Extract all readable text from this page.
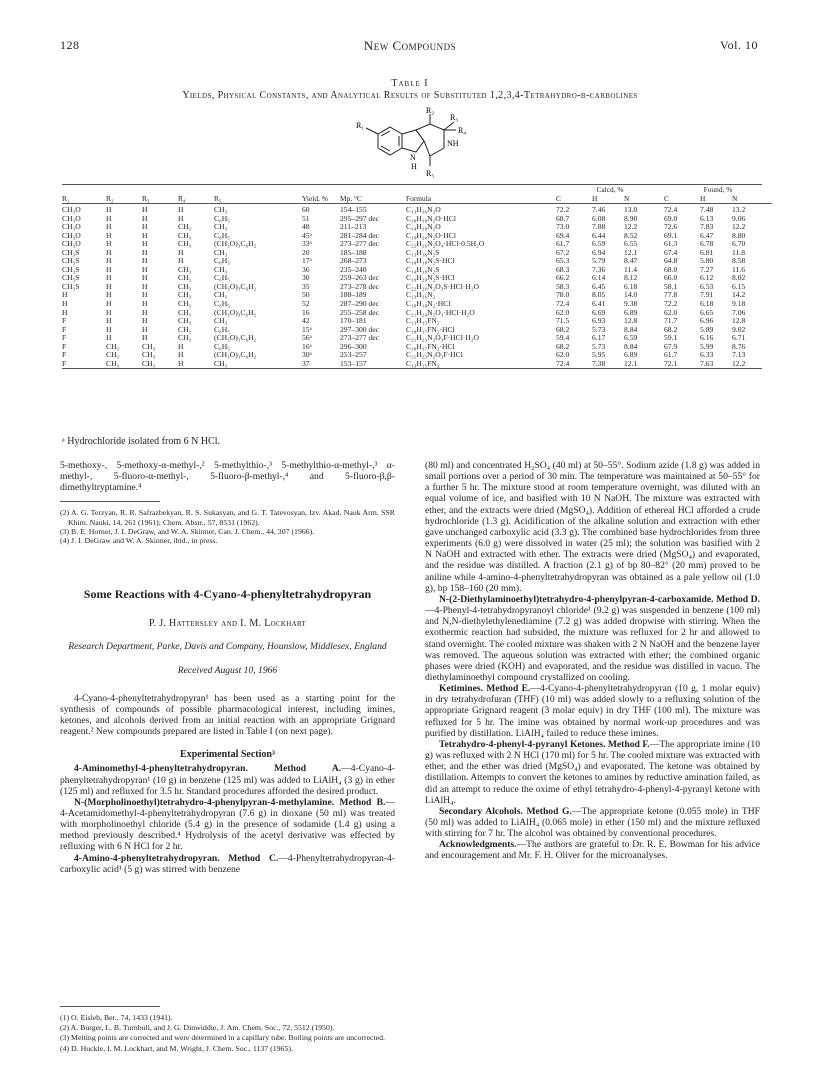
128	New Compounds	Vol. 10
Table I
Yields, Physical Constants, and Analytical Results of Substituted 1,2,3,4-Tetrahydro-β-carbolines
R₁
R₂
R₃
R₄
NH
N
H
R₅
R₁	R₂	R₃	R₄	R₅	Yield, %	Mp, °C	Formula	Calcd, %			Found, %		
								C	H	N	C	H	N

CH₃O	H	H	H	CH₃	60	154–155	C₁₃H₁₆N₂O	72.2	7.46	13.0	72.4	7.48	13.2
CH₃O	H	H	H	C₆H₅	51	295–297 dec	C₁₈H₁₈N₂O·HCl	68.7	6.08	8.90	69.0	6.13	9.06
CH₃O	H	H	CH₃	CH₃	48	211–213	C₁₄H₁₈N₂O	73.0	7.88	12.2	72.6	7.83	12.2
CH₃O	H	H	CH₃	C₆H₅	45ᵃ	281–284 dec	C₁₉H₂₀N₂O·HCl	69.4	6.44	8.52	69.1	6.47	8.80
CH₃O	H	H	CH₃	(CH₃O)₃C₆H₂	33ᵃ	273–277 dec	C₂₂H₂₆N₂O₄·HCl·0.5H₂O	61.7	6.59	6.55	61.3	6.78	6.70
CH₃S	H	H	H	CH₃	20	185–188	C₁₃H₁₆N₂S	67.2	6.94	12.1	67.4	6.81	11.8
CH₃S	H	H	H	C₆H₅	17ᵃ	268–273	C₁₈H₁₈N₂S·HCl	65.3	5.79	8.47	64.8	5.80	8.58
CH₃S	H	H	CH₃	CH₃	36	235–240	C₁₄H₁₈N₂S	68.3	7.36	11.4	68.0	7.27	11.6
CH₃S	H	H	CH₃	C₆H₅	30	259–263 dec	C₁₉H₂₀N₂S·HCl	66.2	6.14	8.12	66.0	6.12	8.02
CH₃S	H	H	CH₃	(CH₃O)₃C₆H₂	35	273–278 dec	C₂₂H₂₆N₂O₃S·HCl·H₂O	58.3	6.45	6.18	58.1	6.53	6.15
H	H	H	CH₃	CH₃	50	188–189	C₁₃H₁₆N₂	78.0	8.05	14.0	77.8	7.91	14.2
H	H	H	CH₃	C₆H₅	52	287–290 dec	C₁₈H₁₈N₂·HCl	72.4	6.41	9.38	72.2	6.18	9.18
H	H	H	CH₃	(CH₃O)₃C₆H₂	16	255–258 dec	C₂₁H₂₄N₂O₃·HCl·H₂O	62.0	6.69	6.89	62.0	6.65	7.06
F	H	H	CH₃	CH₃	42	170–181	C₁₃H₁₅FN₂	71.5	6.93	12.8	71.7	6.96	12.8
F	H	H	CH₃	C₆H₅	15ᵃ	297–300 dec	C₁₈H₁₇FN₂·HCl	68.2	5.73	8.84	68.2	5.89	9.02
F	H	H	CH₃	(CH₃O)₃C₆H₂	56ᵃ	273–277 dec	C₂₁H₂₃N₂O₃F·HCl·H₂O	59.4	6.17	6.59	59.1	6.16	6.71
F	CH₃	CH₃	H	C₆H₅	16ᵃ	296–300	C₁₈H₁₇FN₂·HCl	68.2	5.73	8.84	67.9	5.99	8.76
F	CH₃	CH₃	H	(CH₃O)₃C₆H₂	30ᵃ	253–257	C₂₁H₂₃N₂O₃F·HCl	62.0	5.95	6.89	61.7	6.33	7.13
F	CH₃	CH₃	H	CH₃	37	153–157	C₁₃H₁₅FN₂	72.4	7.38	12.1	72.1	7.63	12.2
ᵃ Hydrochloride isolated from 6 N HCl.

5-methoxy-, 5-methoxy-α-methyl-,² 5-methylthio-,³ 5-methylthio-α-methyl-,³ α-methyl-, 5-fluoro-α-methyl-, 5-fluoro-β-methyl-,⁴ and 5-fluoro-β,β-dimethyltryptamine.⁴

(2) A. G. Terzyan, R. R. Safrazbekyan, R. S. Sukasyan, and G. T. Tatevosyan, Izv. Akad. Nauk Arm. SSR Khim. Nauki, 14, 261 (1961); Chem. Abstr., 57, 8531 (1962).

(3) B. E. Horner, J. I. DeGraw, and W. A. Skinner, Can. J. Chem., 44, 307 (1966).

(4) J. I. DeGraw and W. A. Skinner, ibid., in press.

Some Reactions with 4-Cyano-4-phenyltetrahydropyran
P. J. Hattersley and I. M. Lockhart
Research Department, Parke, Davis and Company, Hounslow, Middlesex, England
Received August 10, 1966

4-Cyano-4-phenyltetrahydropyran¹ has been used as a starting point for the synthesis of compounds of possible pharmacological interest, including imines, ketones, and alcohols derived from an initial reaction with an appropriate Grignard reagent.² New compounds prepared are listed in Table I (on next page).

Experimental Section³

4-Aminomethyl-4-phenyltetrahydropyran. Method A.—4-Cyano-4-phenyltetrahydropyran¹ (10 g) in benzene (125 ml) was added to LiAlH₄ (3 g) in ether (125 ml) and refluxed for 3.5 hr. Standard procedures afforded the desired product.

N-(Morpholinoethyl)tetrahydro-4-phenylpyran-4-methylamine. Method B.—4-Acetamidomethyl-4-phenyltetrahydropyran (7.6 g) in dioxane (50 ml) was treated with morpholinoethyl chloride (5.4 g) in the presence of sodamide (1.4 g) using a method previously described.⁴ Hydrolysis of the acetyl derivative was effected by refluxing with 6 N HCl for 2 hr.

4-Amino-4-phenyltetrahydropyran. Method C.—4-Phenyltetrahydropyran-4-carboxylic acid¹ (5 g) was stirred with benzene

(1) O. Eisleb, Ber., 74, 1433 (1941).

(2) A. Burger, L. B. Turnbull, and J. G. Dinwiddie, J. Am. Chem. Soc., 72, 5512 (1950).

(3) Melting points are corrected and were determined in a capillary tube. Boiling points are uncorrected.

(4) D. Huckle, I. M. Lockhart, and M. Wright, J. Chem. Soc., 1137 (1965).

(80 ml) and concentrated H₂SO₄ (40 ml) at 50–55°. Sodium azide (1.8 g) was added in small portions over a period of 30 min. The temperature was maintained at 50–55° for a further 5 hr. The mixture stood at room temperature overnight, was diluted with an equal volume of ice, and basified with 10 N NaOH. The mixture was extracted with ether, and the extracts were dried (MgSO₄). Addition of ethereal HCl afforded a crude hydrochloride (1.3 g). Acidification of the alkaline solution and extraction with ether gave unchanged carboxylic acid (3.3 g). The combined base hydrochlorides from three experiments (6.0 g) were dissolved in water (25 ml); the solution was basified with 2 N NaOH and extracted with ether. The extracts were dried (MgSO₄) and evaporated, and the residue was distilled. A fraction (2.1 g) of bp 80–82° (20 mm) proved to be aniline while 4-amino-4-phenyltetrahydropyran was obtained as a pale yellow oil (1.0 g), bp 158–160 (20 mm).

N-(2-Diethylaminoethyl)tetrahydro-4-phenylpyran-4-carboxamide. Method D.—4-Phenyl-4-tetrahydropyranoyl chloride¹ (9.2 g) was suspended in benzene (100 ml) and N,N-diethylethylenediamine (7.2 g) was added dropwise with stirring. When the exothermic reaction had subsided, the mixture was refluxed for 2 hr and allowed to stand overnight. The cooled mixture was shaken with 2 N NaOH and the benzene layer was removed. The aqueous solution was extracted with ether; the combined organic phases were dried (KOH) and evaporated, and the residue was distilled in vacuo. The diethylaminoethyl compound crystallized on cooling.

Ketimines. Method E.—4-Cyano-4-phenyltetrahydropyran (10 g, 1 molar equiv) in dry tetrahydrofuran (THF) (10 ml) was added slowly to a refluxing solution of the appropriate Grignard reagent (3 molar equiv) in dry THF (100 ml). The mixture was refluxed for 5 hr. The imine was obtained by normal work-up procedures and was purified by distillation. LiAlH₄ failed to reduce these imines.

Tetrahydro-4-phenyl-4-pyranyl Ketones. Method F.—The appropriate imine (10 g) was refluxed with 2 N HCl (170 ml) for 5 hr. The cooled mixture was extracted with ether, and the ether was dried (MgSO₄) and evaporated. The ketone was obtained by distillation. Attempts to convert the ketones to amines by reductive amination failed, as did an attempt to reduce the oxime of ethyl tetrahydro-4-phenyl-4-pyranyl ketone with LiAlH₄.

Secondary Alcohols. Method G.—The appropriate ketone (0.055 mole) in THF (50 ml) was added to LiAlH₄ (0.065 mole) in ether (150 ml) and the mixture refluxed with stirring for 7 hr. The alcohol was obtained by conventional procedures.

Acknowledgments.—The authors are grateful to Dr. R. E. Bowman for his advice and encouragement and Mr. F. H. Oliver for the microanalyses.
